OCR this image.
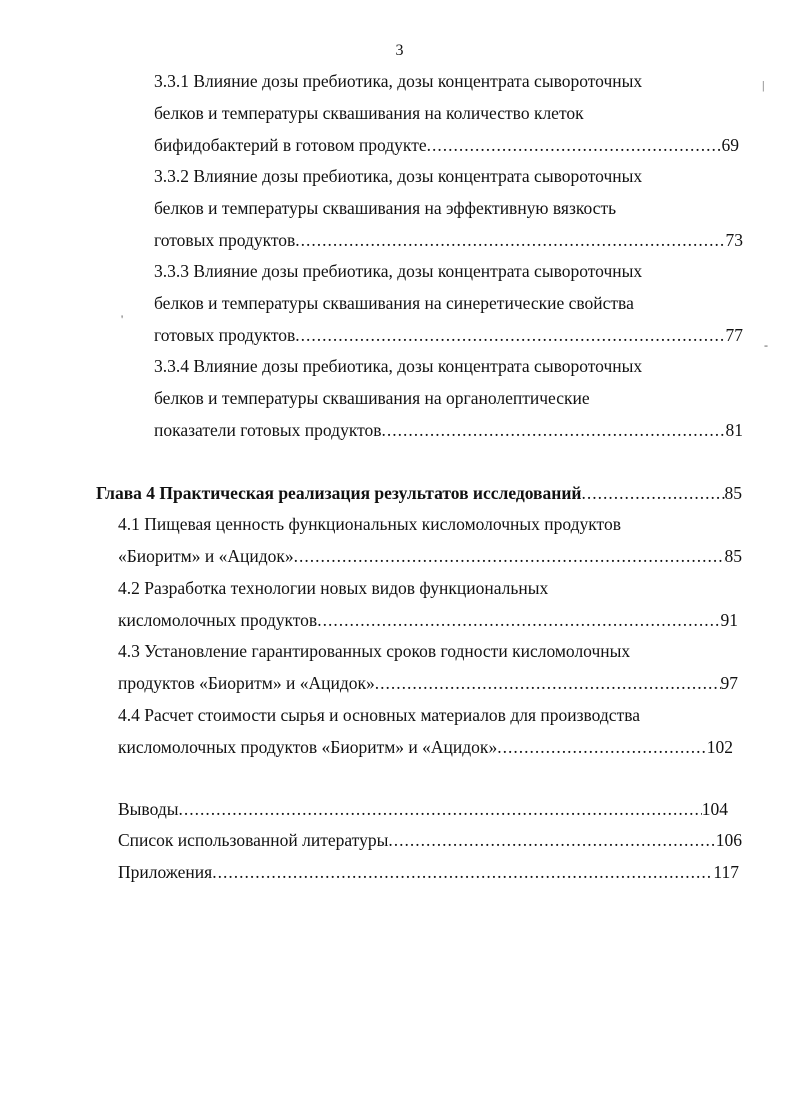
3
|
3.3.1 Влияние дозы пребиотика, дозы концентрата сывороточных
белков и температуры сквашивания на количество клеток
бифидобактерий в готовом продукте .....	69
3.3.2 Влияние дозы пребиотика, дозы концентрата сывороточных
белков и температуры сквашивания на эффективную вязкость
готовых продуктов .....	73
3.3.3 Влияние дозы пребиотика, дозы концентрата сывороточных
белков и температуры сквашивания на синеретические свойства
готовых продуктов .....	77
'
-
3.3.4 Влияние дозы пребиотика, дозы концентрата сывороточных
белков и температуры сквашивания на органолептические
показатели готовых продуктов .....	81
Глава 4 Практическая реализация результатов исследований .....	85
4.1 Пищевая ценность функциональных кисломолочных продуктов
«Биоритм» и «Ацидок» .....	85
4.2 Разработка технологии новых видов функциональных
кисломолочных продуктов .....	91
4.3 Установление гарантированных сроков годности кисломолочных
продуктов «Биоритм» и «Ацидок» .....	97
4.4 Расчет стоимости сырья и основных материалов для производства
кисломолочных продуктов «Биоритм» и «Ацидок» .....	102
Выводы .....	104
Список использованной литературы .....	106
Приложения .....	117
